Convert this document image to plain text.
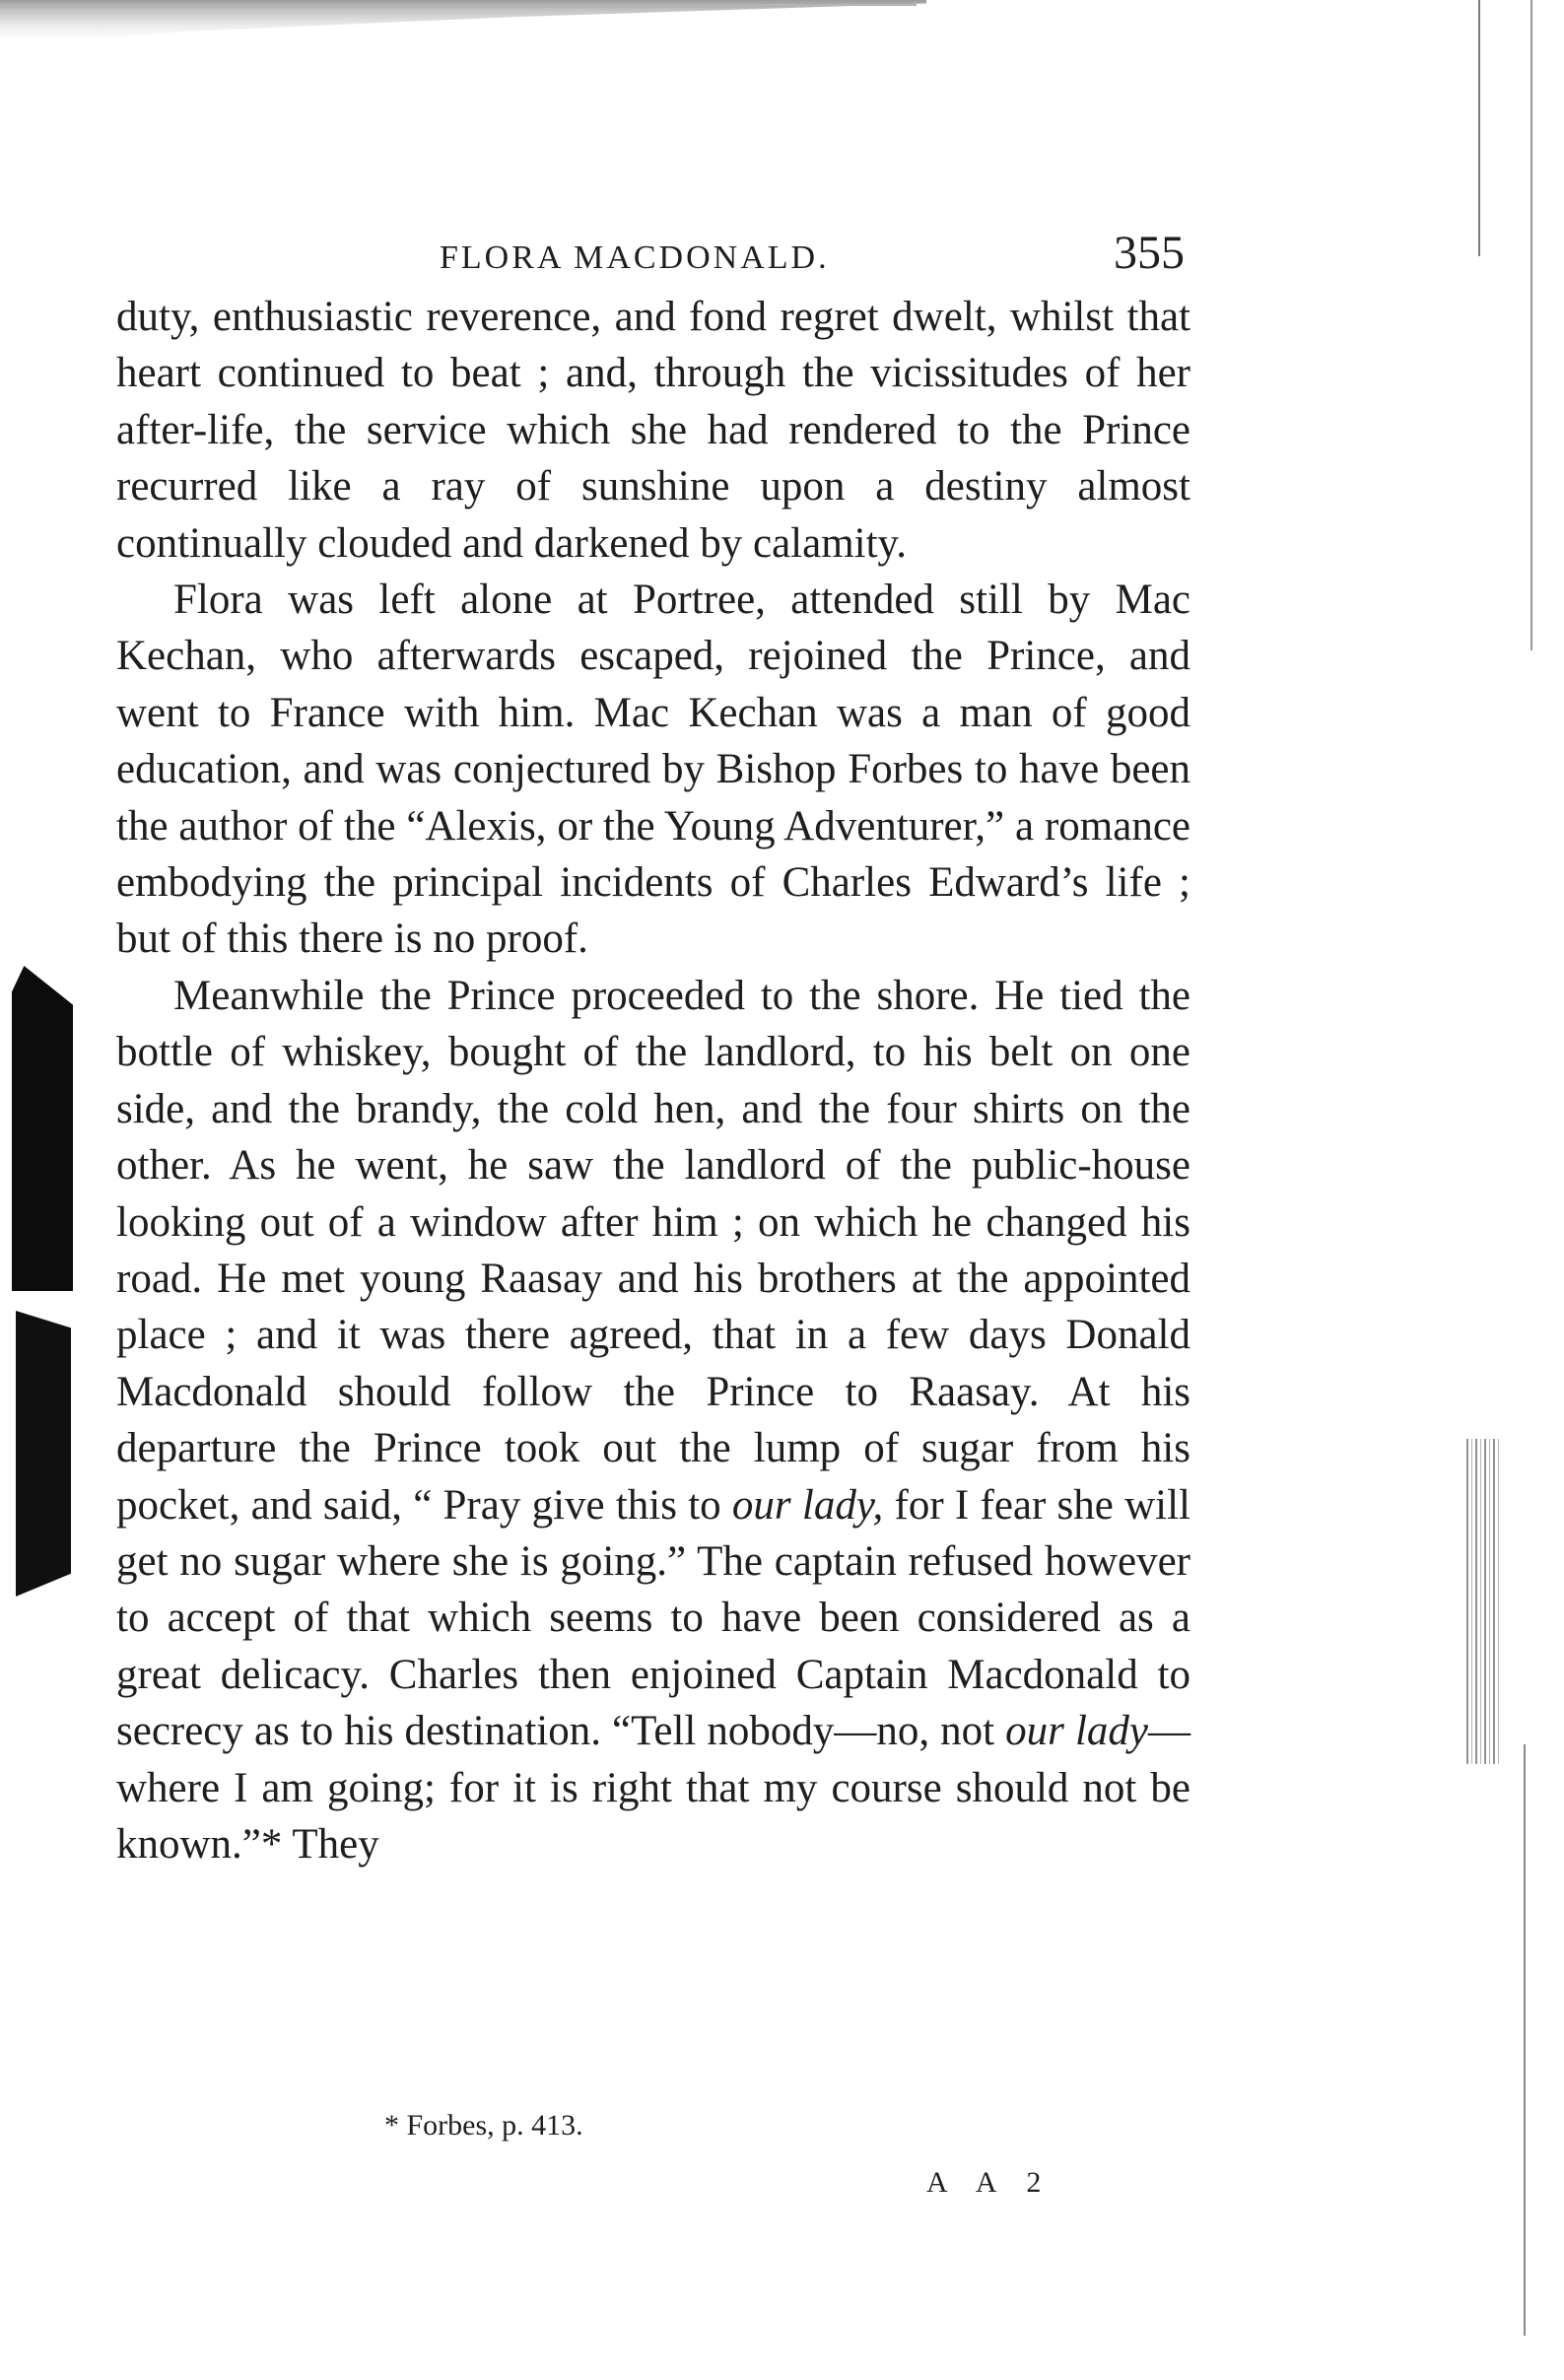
FLORA MACDONALD.	355

duty, enthusiastic reverence, and fond regret dwelt, whilst that heart continued to beat ; and, through the vicissitudes of her after-life, the service which she had rendered to the Prince recurred like a ray of sunshine upon a destiny almost continually clouded and darkened by calamity.

Flora was left alone at Portree, attended still by Mac Kechan, who afterwards escaped, rejoined the Prince, and went to France with him. Mac Kechan was a man of good education, and was conjectured by Bishop Forbes to have been the author of the “Alexis, or the Young Adventurer,” a romance embodying the principal incidents of Charles Edward’s life ; but of this there is no proof.

Meanwhile the Prince proceeded to the shore. He tied the bottle of whiskey, bought of the landlord, to his belt on one side, and the brandy, the cold hen, and the four shirts on the other. As he went, he saw the landlord of the public-house looking out of a window after him ; on which he changed his road. He met young Raasay and his brothers at the appointed place ; and it was there agreed, that in a few days Donald Macdonald should follow the Prince to Raasay. At his departure the Prince took out the lump of sugar from his pocket, and said, “ Pray give this to our lady, for I fear she will get no sugar where she is going.” The captain refused however to accept of that which seems to have been considered as a great delicacy. Charles then enjoined Captain Macdonald to secrecy as to his destination. “Tell nobody—no, not our lady—where I am going; for it is right that my course should not be known.”* They

* Forbes, p. 413.
A A 2
